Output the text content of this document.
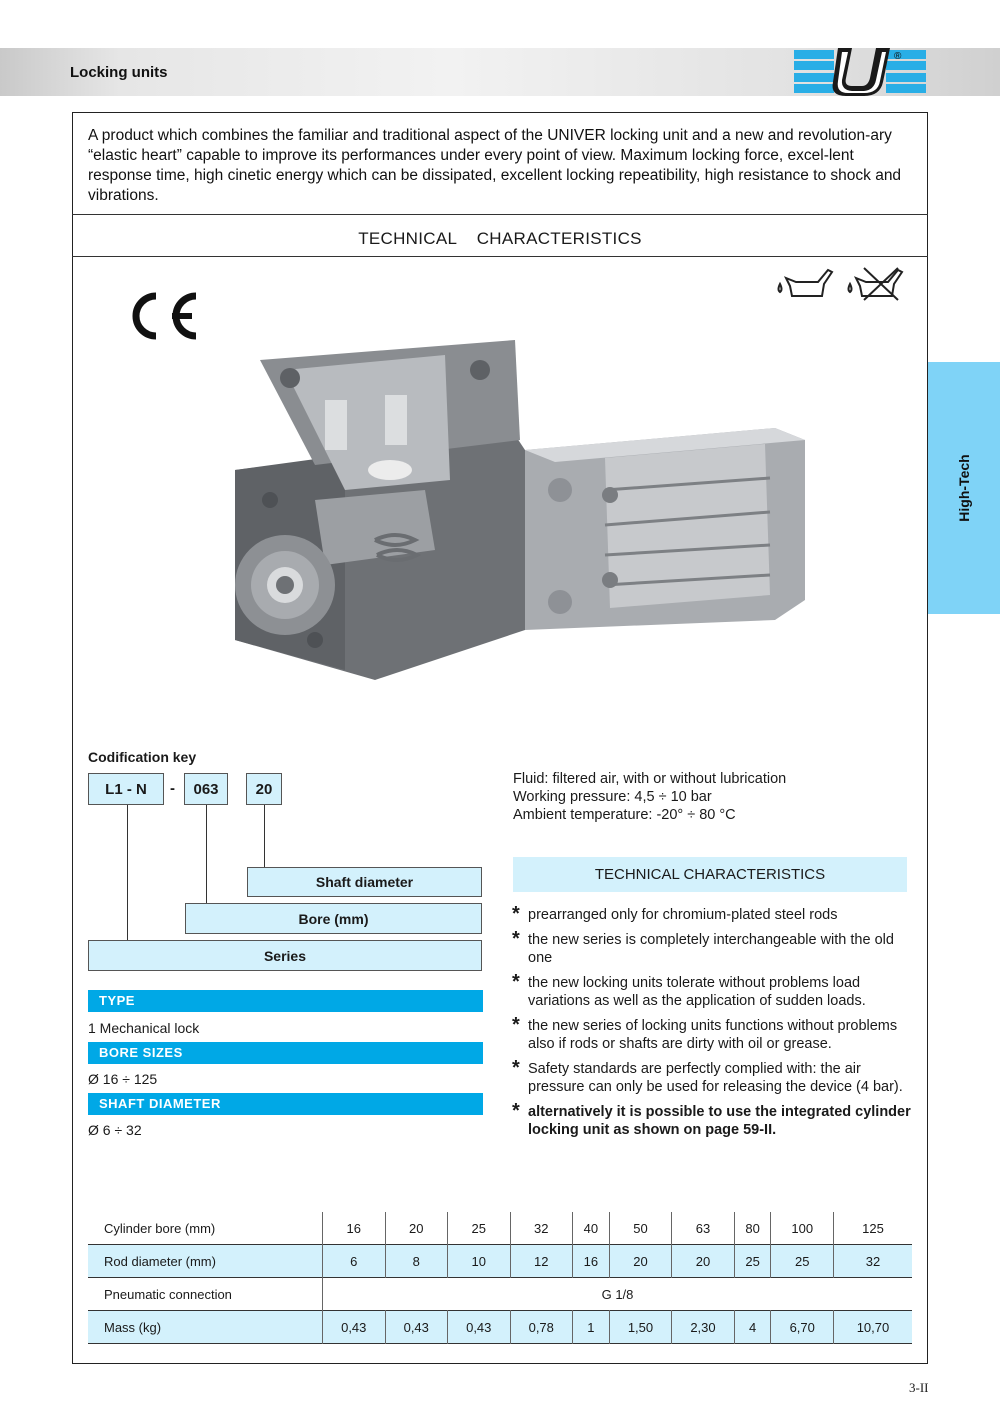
Locking units
®
A product which combines the familiar and traditional aspect of the UNIVER locking unit and a new and revolution-ary “elastic heart” capable to improve its performances under every point of view. Maximum locking force, excel-lent response time, high cinetic energy which can be dissipated, excellent locking repeatibility, high resistance to shock and vibrations.
TECHNICAL    CHARACTERISTICS
High-Tech
Codification key
L1 - N	-	063	20
Shaft diameter
Bore (mm)
Series
TYPE
1 Mechanical lock
BORE SIZES
Ø 16 ÷ 125
SHAFT DIAMETER
Ø 6 ÷ 32
Fluid: filtered air, with or without lubrication
Working pressure: 4,5 ÷ 10 bar
Ambient temperature: -20° ÷ 80 °C
TECHNICAL CHARACTERISTICS
* prearranged only for chromium-plated steel rods
* the new series is completely interchangeable with the old one
* the new locking units tolerate without problems load variations as well as the application of sudden loads.
* the new series of locking units functions without problems also if rods or shafts are dirty with oil or grease.
* Safety standards are perfectly complied with: the air pressure can only be used for releasing the device (4 bar).
* alternatively it is possible to use the integrated cylinder locking unit as shown on page 59-II.
Cylinder bore (mm)	16	20	25	32	40	50	63	80	100	125
Rod diameter (mm)	6	8	10	12	16	20	20	25	25	32
Pneumatic connection	G 1/8									
Mass (kg)	0,43	0,43	0,43	0,78	1	1,50	2,30	4	6,70	10,70
3-II
